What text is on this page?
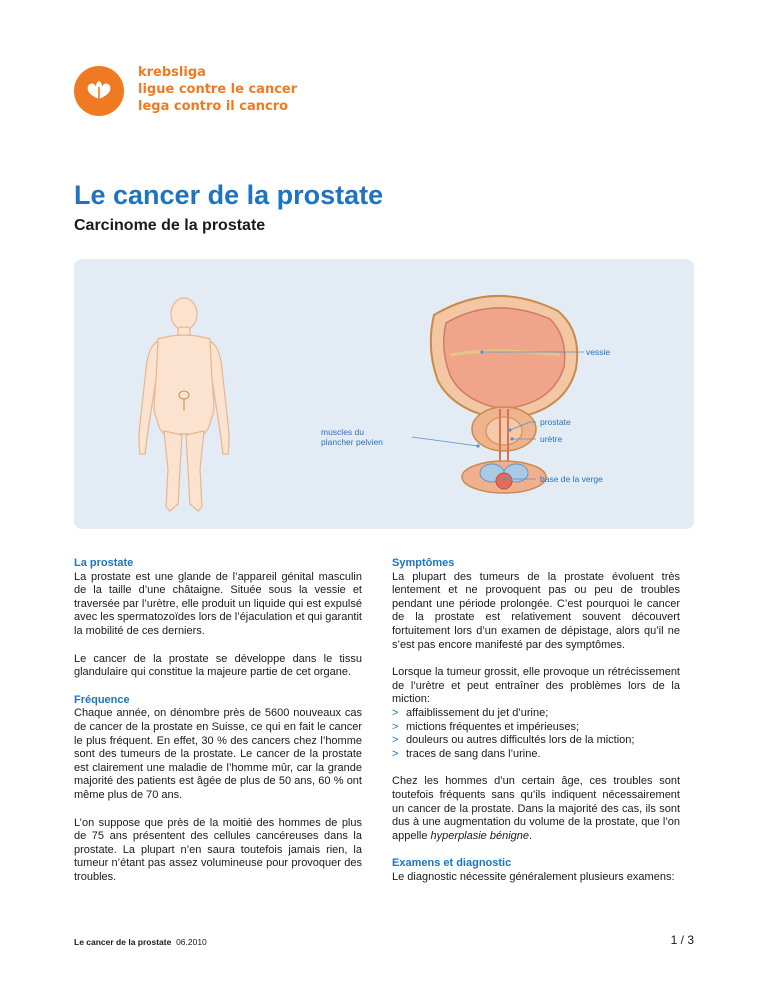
krebsliga
ligue contre le cancer
lega contro il cancro
Le cancer de la prostate
Carcinome de la prostate
vessie
prostate
muscles du
plancher pelvien	urètre
base de la verge
La prostate

La prostate est une glande de l’appareil génital masculin de la taille d’une châtaigne. Située sous la vessie et traversée par l’urètre, elle produit un liquide qui est expulsé avec les spermatozoïdes lors de l’éjaculation et qui garantit la mobilité de ces derniers.

Le cancer de la prostate se développe dans le tissu glandulaire qui constitue la majeure partie de cet organe.

Fréquence

Chaque année, on dénombre près de 5600 nouveaux cas de cancer de la prostate en Suisse, ce qui en fait le cancer le plus fréquent. En effet, 30 % des cancers chez l’homme sont des tumeurs de la prostate. Le cancer de la prostate est clairement une maladie de l’homme mûr, car la grande majorité des patients est âgée de plus de 50 ans, 60 % ont même plus de 70 ans.

L’on suppose que près de la moitié des hommes de plus de 75 ans présentent des cellules cancéreuses dans la prostate. La plupart n’en saura toutefois jamais rien, la tumeur n’étant pas assez volumineuse pour provoquer des troubles.

Symptômes

La plupart des tumeurs de la prostate évoluent très lentement et ne provoquent pas ou peu de troubles pendant une période prolongée. C’est pourquoi le cancer de la prostate est relativement souvent découvert fortuitement lors d’un examen de dépistage, alors qu’il ne s’est pas encore manifesté par des symptômes.

Lorsque la tumeur grossit, elle provoque un rétrécissement de l’urètre et peut entraîner des problèmes lors de la miction:

> affaiblissement du jet d’urine;
> mictions fréquentes et impérieuses;
> douleurs ou autres difficultés lors de la miction;
> traces de sang dans l’urine.

Chez les hommes d’un certain âge, ces troubles sont toutefois fréquents sans qu’ils indiquent nécessairement un cancer de la prostate. Dans la majorité des cas, ils sont dus à une augmentation du volume de la prostate, que l’on appelle hyperplasie bénigne.

Examens et diagnostic

Le diagnostic nécessite généralement plusieurs examens:

Le cancer de la prostate 06.2010	1 / 3
